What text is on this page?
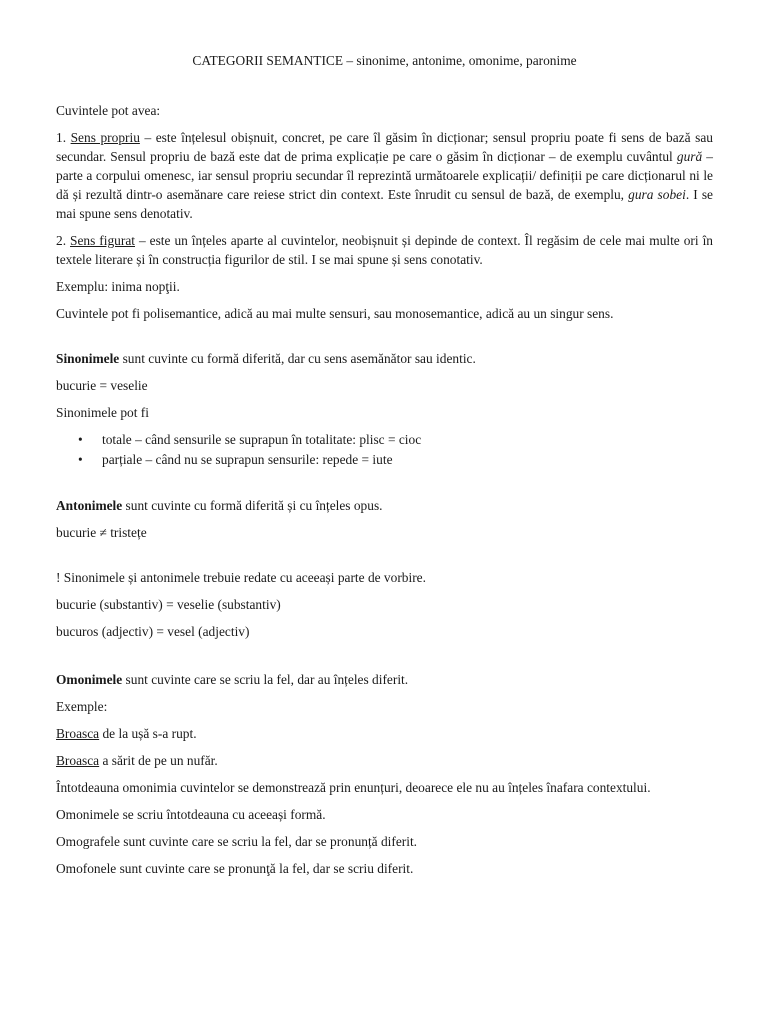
CATEGORII SEMANTICE – sinonime, antonime, omonime, paronime

Cuvintele pot avea:

1. Sens propriu – este înțelesul obișnuit, concret, pe care îl găsim în dicționar; sensul propriu poate fi sens de bază sau secundar. Sensul propriu de bază este dat de prima explicație pe care o găsim în dicționar – de exemplu cuvântul gură – parte a corpului omenesc, iar sensul propriu secundar îl reprezintă următoarele explicații/ definiții pe care dicționarul ni le dă și rezultă dintr-o asemănare care reiese strict din context. Este înrudit cu sensul de bază, de exemplu, gura sobei. I se mai spune sens denotativ.

2. Sens figurat – este un înțeles aparte al cuvintelor, neobișnuit și depinde de context. Îl regăsim de cele mai multe ori în textele literare și în construcția figurilor de stil. I se mai spune și sens conotativ.

Exemplu: inima nopţii.

Cuvintele pot fi polisemantice, adică au mai multe sensuri, sau monosemantice, adică au un singur sens.

Sinonimele sunt cuvinte cu formă diferită, dar cu sens asemănător sau identic.

bucurie = veselie

Sinonimele pot fi

• totale – când sensurile se suprapun în totalitate: plisc = cioc
• parțiale – când nu se suprapun sensurile: repede = iute

Antonimele sunt cuvinte cu formă diferită și cu înțeles opus.

bucurie ≠ tristețe

! Sinonimele și antonimele trebuie redate cu aceeași parte de vorbire.

bucurie (substantiv) = veselie (substantiv)

bucuros (adjectiv) = vesel (adjectiv)

Omonimele sunt cuvinte care se scriu la fel, dar au înțeles diferit.

Exemple:

Broasca de la ușă s-a rupt.

Broasca a sărit de pe un nufăr.

Întotdeauna omonimia cuvintelor se demonstrează prin enunțuri, deoarece ele nu au înțeles înafara contextului.

Omonimele se scriu întotdeauna cu aceeași formă.

Omografele sunt cuvinte care se scriu la fel, dar se pronunță diferit.

Omofonele sunt cuvinte care se pronunţă la fel, dar se scriu diferit.
